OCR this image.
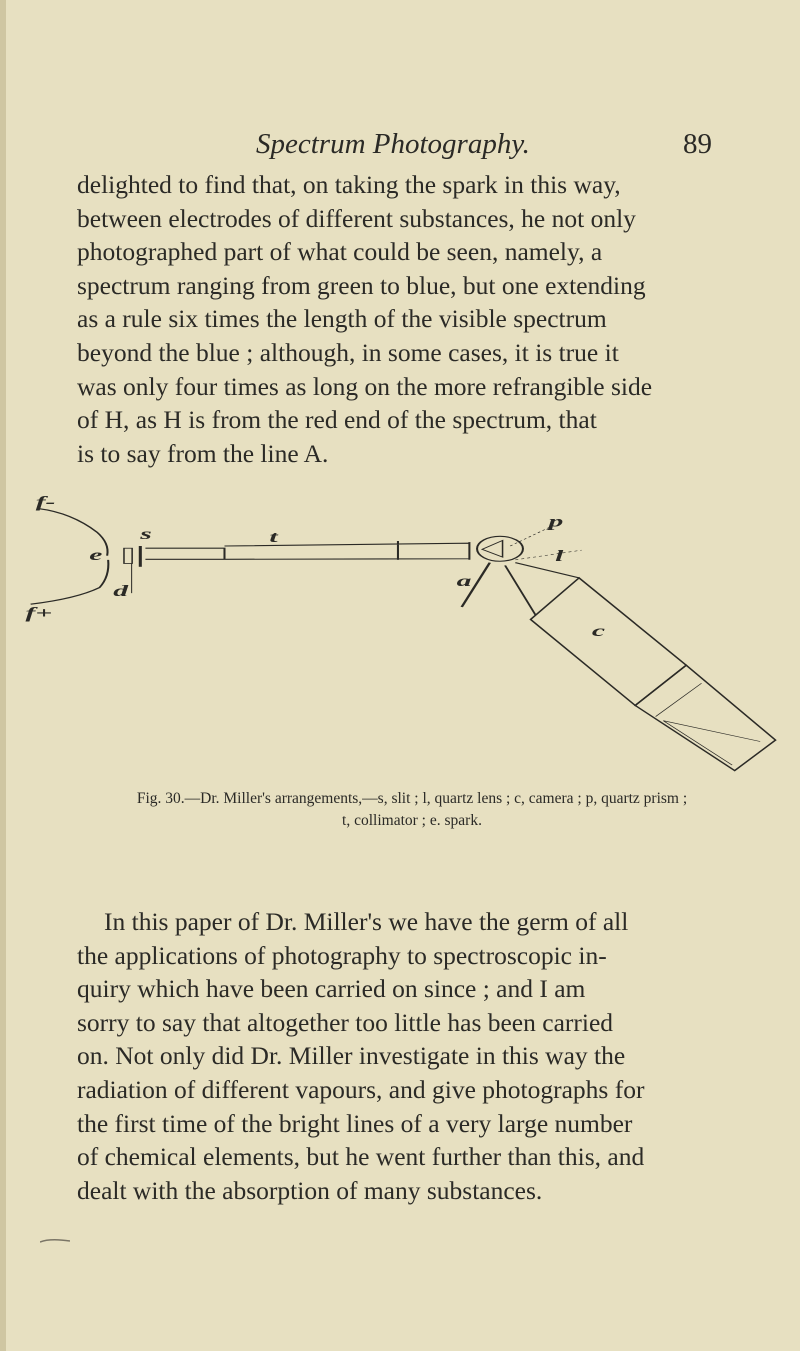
Spectrum Photography.	89
delighted to find that, on taking the spark in this way,
between electrodes of different substances, he not only
photographed part of what could be seen, namely, a
spectrum ranging from green to blue, but one extending
as a rule six times the length of the visible spectrum
beyond the blue ; although, in some cases, it is true it
was only four times as long on the more refrangible side
of H, as H is from the red end of the spectrum, that
is to say from the line A.
f-
f+
e
d
s t
p
l
a
c
Fig. 30.—Dr. Miller's arrangements,—s, slit ; l, quartz lens ; c, camera ; p, quartz prism ;
t, collimator ; e. spark.
In this paper of Dr. Miller's we have the germ of all
the applications of photography to spectroscopic in-
quiry which have been carried on since ; and I am
sorry to say that altogether too little has been carried
on. Not only did Dr. Miller investigate in this way the
radiation of different vapours, and give photographs for
the first time of the bright lines of a very large number
of chemical elements, but he went further than this, and
dealt with the absorption of many substances.
